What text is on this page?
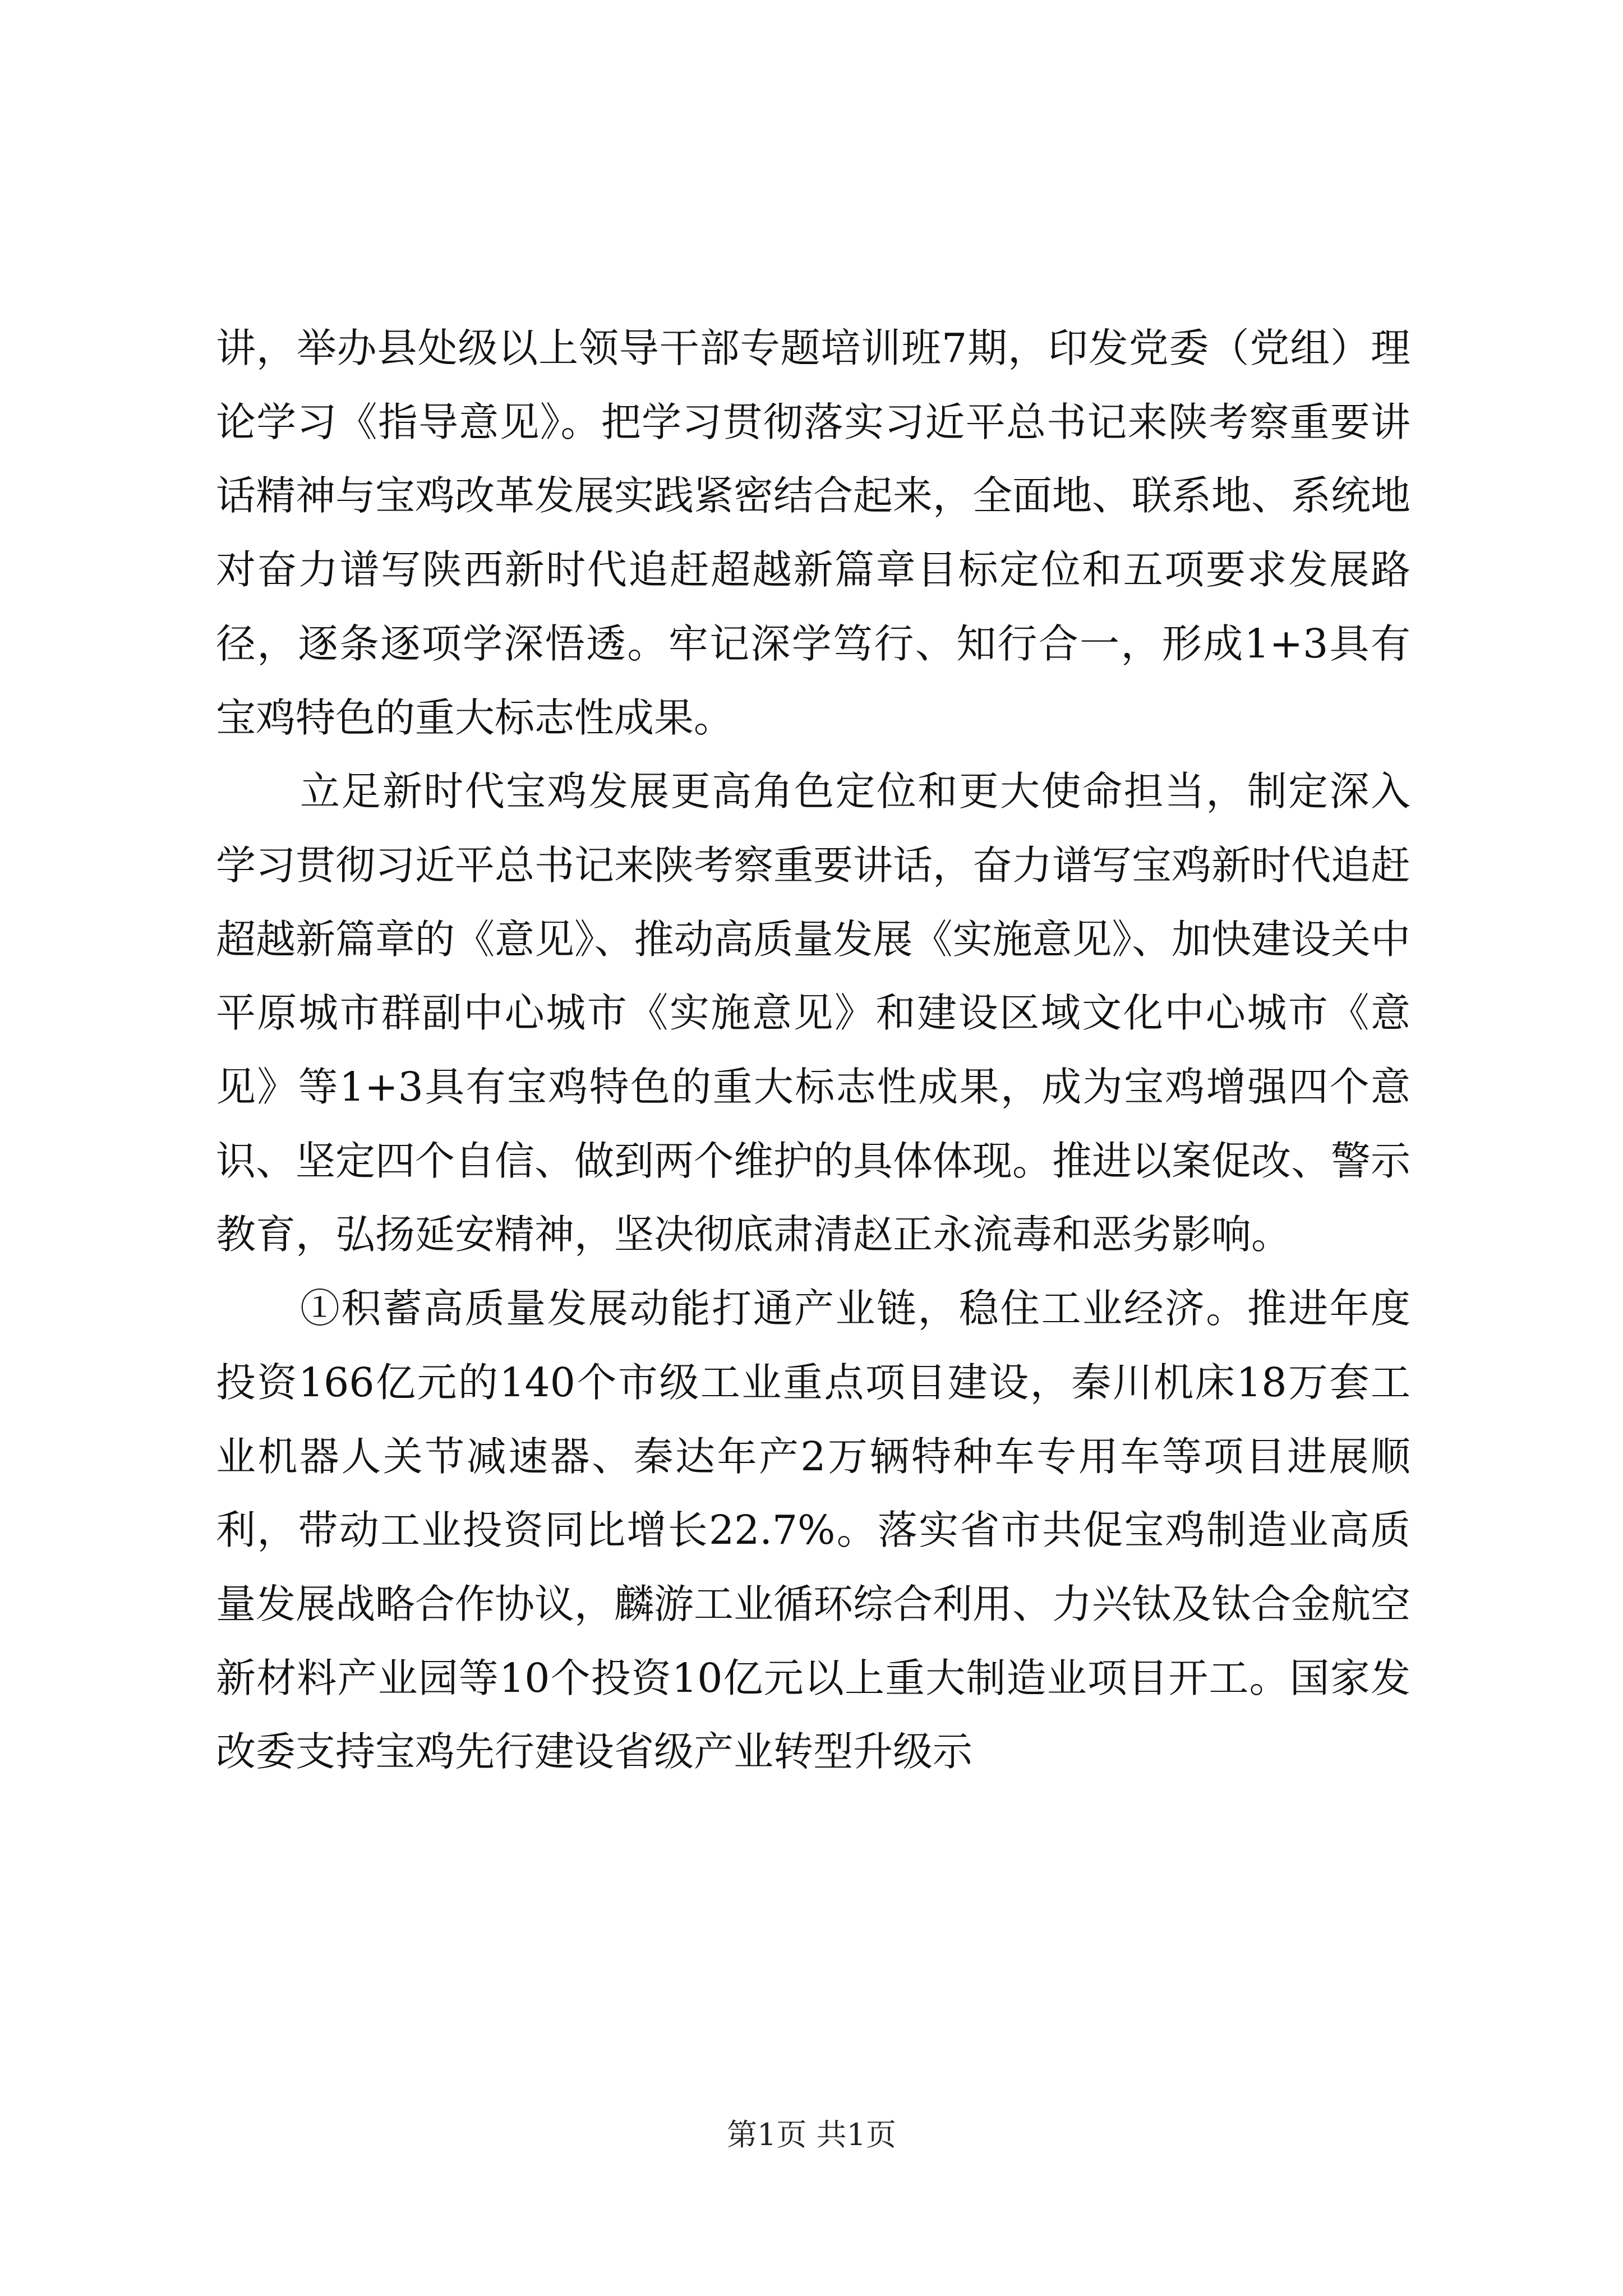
讲，举办县处级以上领导干部专题培训班7期，印发党委（党组）理论学习《指导意见》。把学习贯彻落实习近平总书记来陕考察重要讲话精神与宝鸡改革发展实践紧密结合起来，全面地、联系地、系统地对奋力谱写陕西新时代追赶超越新篇章目标定位和五项要求发展路径，逐条逐项学深悟透。牢记深学笃行、知行合一，形成1+3具有宝鸡特色的重大标志性成果。

立足新时代宝鸡发展更高角色定位和更大使命担当，制定深入学习贯彻习近平总书记来陕考察重要讲话，奋力谱写宝鸡新时代追赶超越新篇章的《意见》、推动高质量发展《实施意见》、加快建设关中平原城市群副中心城市《实施意见》和建设区域文化中心城市《意见》等1+3具有宝鸡特色的重大标志性成果，成为宝鸡增强四个意识、坚定四个自信、做到两个维护的具体体现。推进以案促改、警示教育，弘扬延安精神，坚决彻底肃清赵正永流毒和恶劣影响。

①积蓄高质量发展动能打通产业链，稳住工业经济。推进年度投资166亿元的140个市级工业重点项目建设，秦川机床18万套工业机器人关节减速器、秦达年产2万辆特种车专用车等项目进展顺利，带动工业投资同比增长22.7%。落实省市共促宝鸡制造业高质量发展战略合作协议，麟游工业循环综合利用、力兴钛及钛合金航空新材料产业园等10个投资10亿元以上重大制造业项目开工。国家发改委支持宝鸡先行建设省级产业转型升级示

第1页 共1页
